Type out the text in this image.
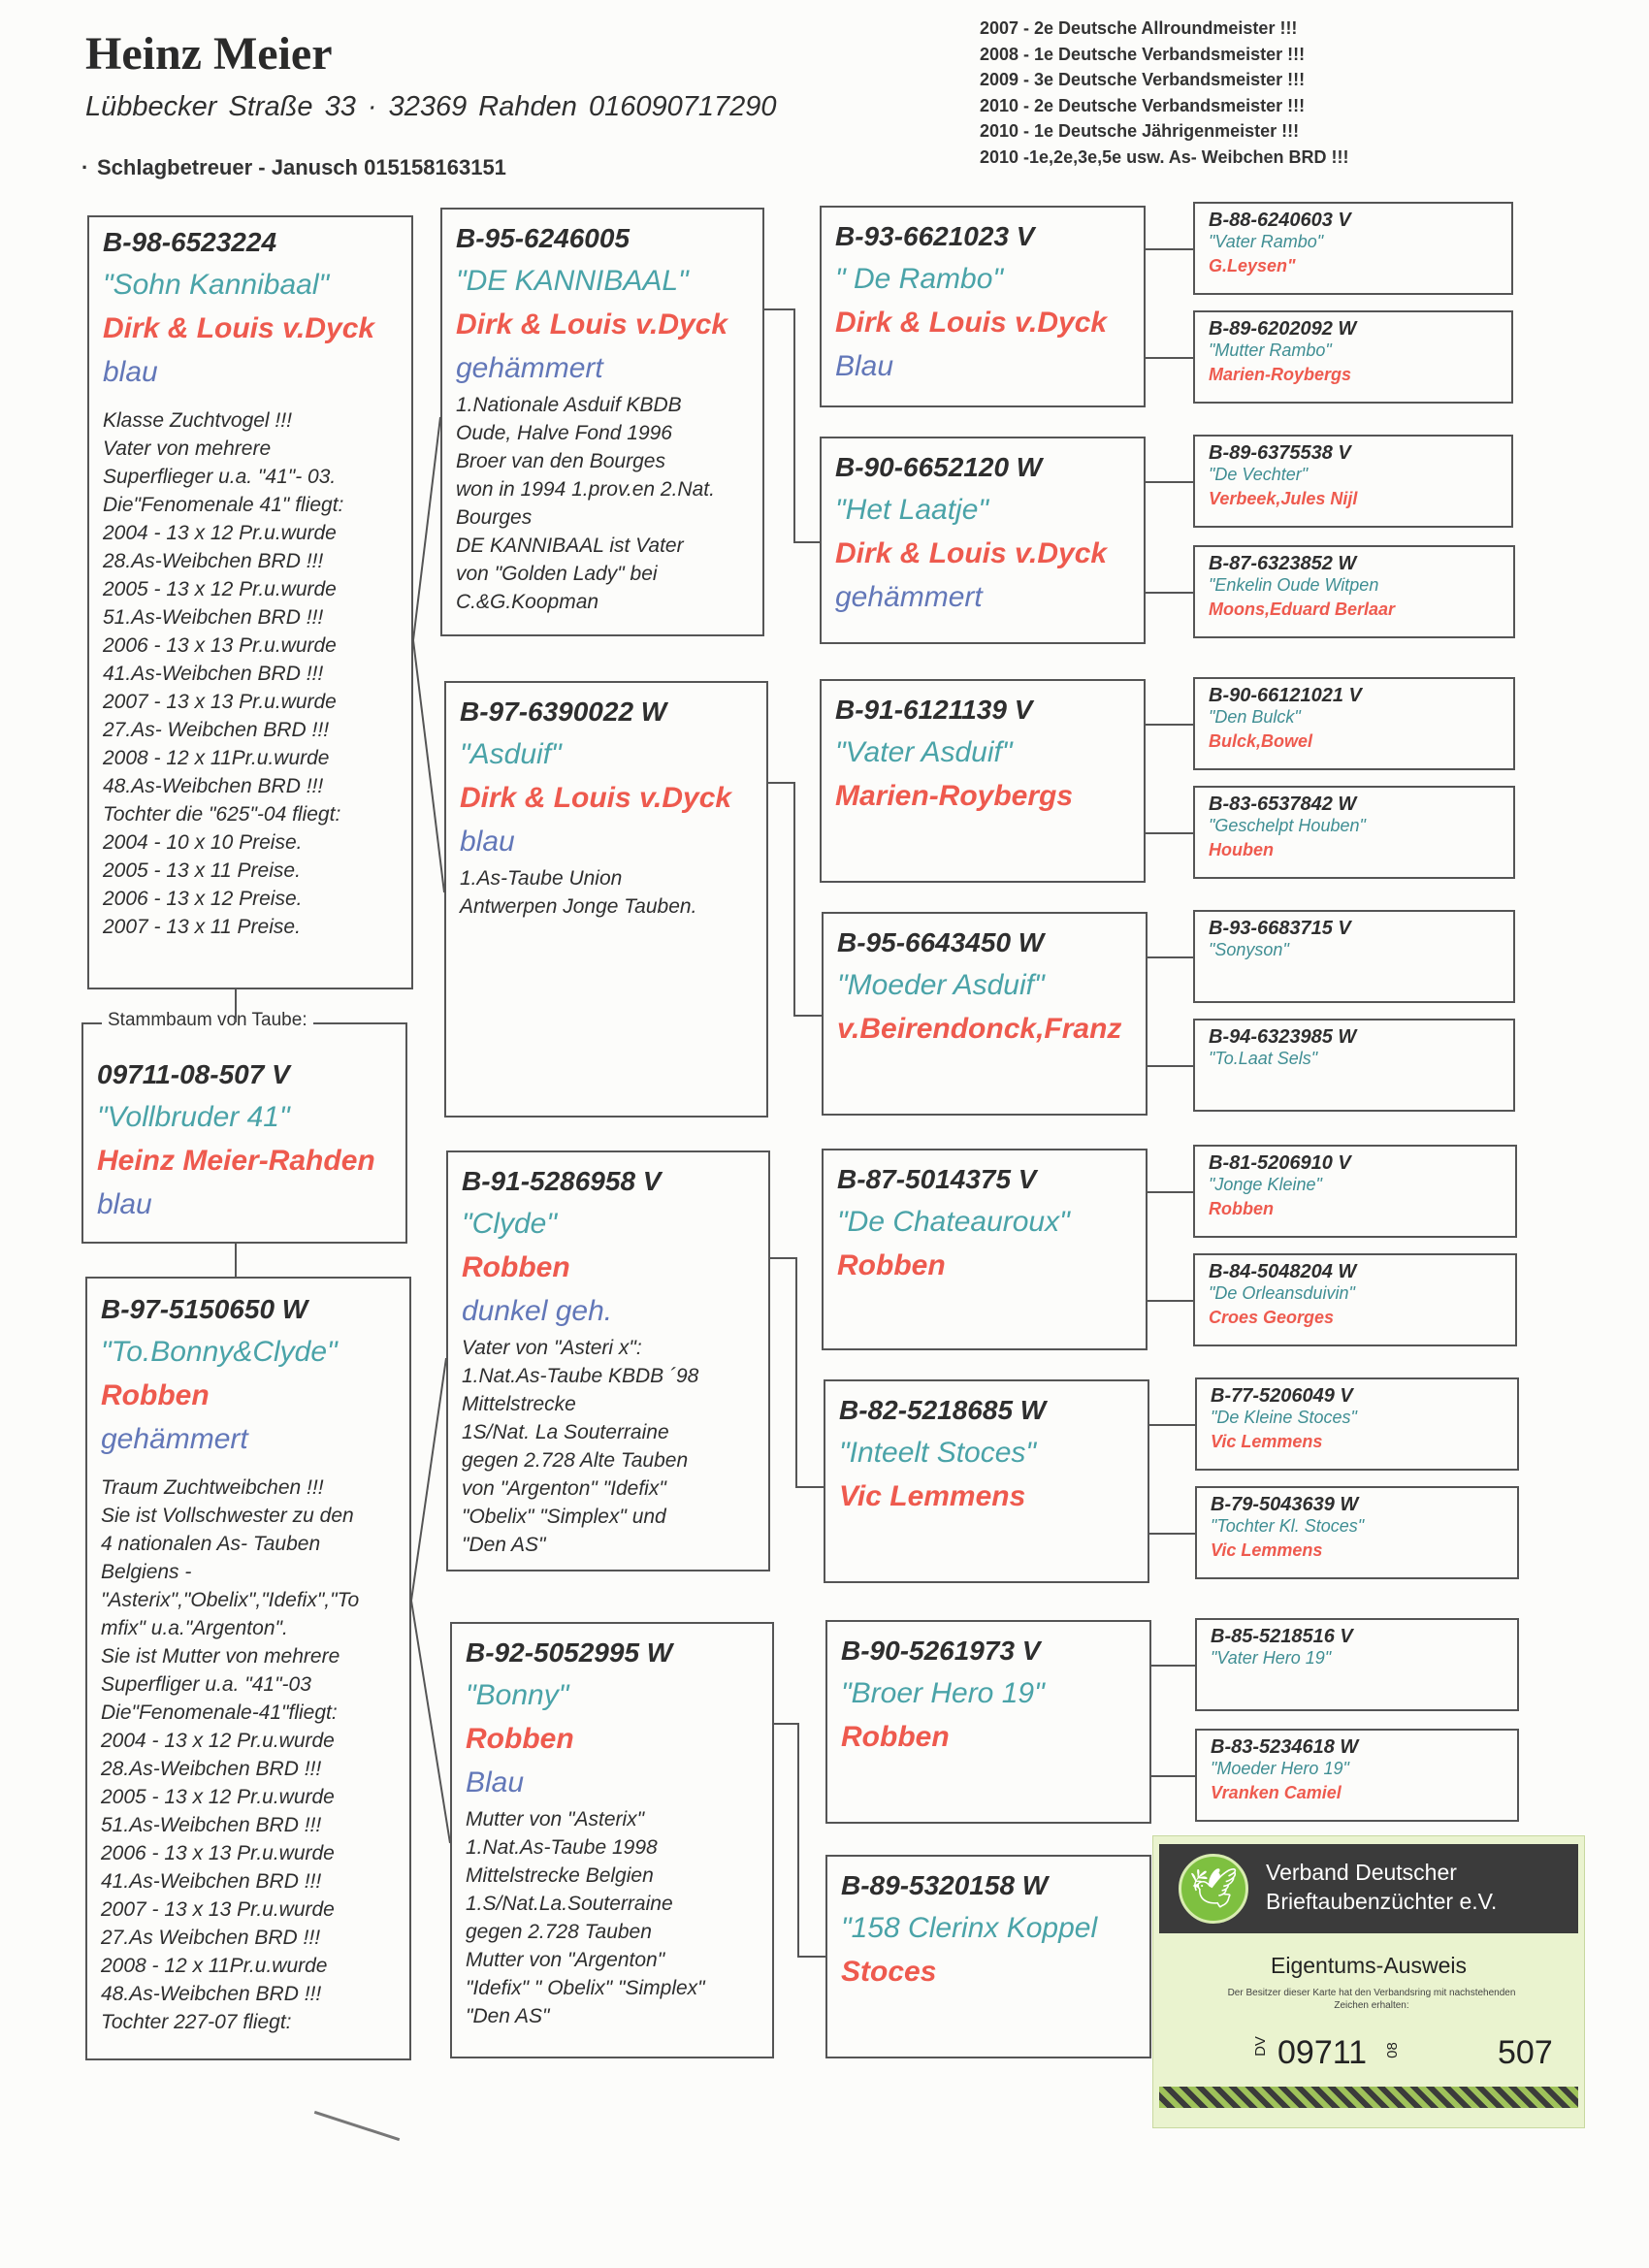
Heinz Meier
Lübbecker Straße 33 · 32369 Rahden 016090717290
· Schlagbetreuer - Janusch 015158163151
2007 - 2e Deutsche Allroundmeister !!!
2008 - 1e Deutsche Verbandsmeister !!!
2009 - 3e Deutsche Verbandsmeister !!!
2010 - 2e Deutsche Verbandsmeister !!!
2010 - 1e Deutsche Jährigenmeister !!!
2010 -1e,2e,3e,5e usw. As- Weibchen BRD !!!
B-98-6523224
"Sohn Kannibaal"
Dirk & Louis v.Dyck
blau
Klasse Zuchtvogel !!!
Vater von mehrere
Superflieger u.a. "41"- 03.
Die"Fenomenale 41" fliegt:
2004 - 13 x 12 Pr.u.wurde
28.As-Weibchen BRD !!!
2005 - 13 x 12 Pr.u.wurde
51.As-Weibchen BRD !!!
2006 - 13 x 13 Pr.u.wurde
41.As-Weibchen BRD !!!
2007 - 13 x 13 Pr.u.wurde
27.As- Weibchen BRD !!!
2008 - 12 x 11Pr.u.wurde
48.As-Weibchen BRD !!!
Tochter die "625"-04 fliegt:
2004 - 10 x 10 Preise.
2005 - 13 x 11 Preise.
2006 - 13 x 12 Preise.
2007 - 13 x 11 Preise.
09711-08-507 V
"Vollbruder 41"
Heinz Meier-Rahden
blau
Stammbaum von Taube:
B-97-5150650 W
"To.Bonny&Clyde"
Robben
gehämmert
Traum Zuchtweibchen !!!
Sie ist Vollschwester zu den
4 nationalen As- Tauben
Belgiens -
"Asterix","Obelix","Idefix","To
mfix" u.a."Argenton".
Sie ist Mutter von mehrere
Superfliger u.a. "41"-03
Die"Fenomenale-41"fliegt:
2004 - 13 x 12 Pr.u.wurde
28.As-Weibchen BRD !!!
2005 - 13 x 12 Pr.u.wurde
51.As-Weibchen BRD !!!
2006 - 13 x 13 Pr.u.wurde
41.As-Weibchen BRD !!!
2007 - 13 x 13 Pr.u.wurde
27.As Weibchen BRD !!!
2008 - 12 x 11Pr.u.wurde
48.As-Weibchen BRD !!!
Tochter 227-07 fliegt:
B-95-6246005
"DE KANNIBAAL"
Dirk & Louis v.Dyck
gehämmert
1.Nationale Asduif KBDB
Oude, Halve Fond 1996
Broer van den Bourges
won in 1994 1.prov.en 2.Nat.
Bourges
DE KANNIBAAL ist Vater
von "Golden Lady" bei
C.&G.Koopman
B-97-6390022 W
"Asduif"
Dirk & Louis v.Dyck
blau
1.As-Taube Union
Antwerpen Jonge Tauben.
B-91-5286958 V
"Clyde"
Robben
dunkel geh.
Vater von "Asteri x":
1.Nat.As-Taube KBDB ´98
Mittelstrecke
1S/Nat. La Souterraine
gegen 2.728 Alte Tauben
von "Argenton" "Idefix"
"Obelix" "Simplex" und
"Den AS"
B-92-5052995 W
"Bonny"
Robben
Blau
Mutter von "Asterix"
1.Nat.As-Taube 1998
Mittelstrecke Belgien
1.S/Nat.La.Souterraine
gegen 2.728 Tauben
Mutter von "Argenton"
"Idefix" " Obelix" "Simplex"
"Den AS"
B-93-6621023 V
" De Rambo"
Dirk & Louis v.Dyck
Blau
B-90-6652120 W
"Het Laatje"
Dirk & Louis v.Dyck
gehämmert
B-91-6121139 V
"Vater Asduif"
Marien-Roybergs
B-95-6643450 W
"Moeder Asduif"
v.Beirendonck,Franz
B-87-5014375 V
"De Chateauroux"
Robben
B-82-5218685 W
"Inteelt Stoces"
Vic Lemmens
B-90-5261973 V
"Broer Hero 19"
Robben
B-89-5320158 W
"158 Clerinx Koppel
Stoces
B-88-6240603 V
"Vater Rambo"
G.Leysen"
B-89-6202092 W
"Mutter Rambo"
Marien-Roybergs
B-89-6375538 V
"De Vechter"
Verbeek,Jules Nijl
B-87-6323852 W
"Enkelin Oude Witpen
Moons,Eduard Berlaar
B-90-66121021 V
"Den Bulck"
Bulck,Bowel
B-83-6537842 W
"Geschelpt Houben"
Houben
B-93-6683715 V
"Sonyson"
B-94-6323985 W
"To.Laat Sels"
B-81-5206910 V
"Jonge Kleine"
Robben
B-84-5048204 W
"De Orleansduivin"
Croes Georges
B-77-5206049 V
"De Kleine Stoces"
Vic Lemmens
B-79-5043639 W
"Tochter Kl. Stoces"
Vic Lemmens
B-85-5218516 V
"Vater Hero 19"
B-83-5234618 W
"Moeder Hero 19"
Vranken Camiel
🕊	Verband Deutscher
Brieftaubenzüchter e.V.
Eigentums-Ausweis
Der Besitzer dieser Karte hat den Verbandsring mit nachstehenden Zeichen erhalten:
DV 09711 08	507
